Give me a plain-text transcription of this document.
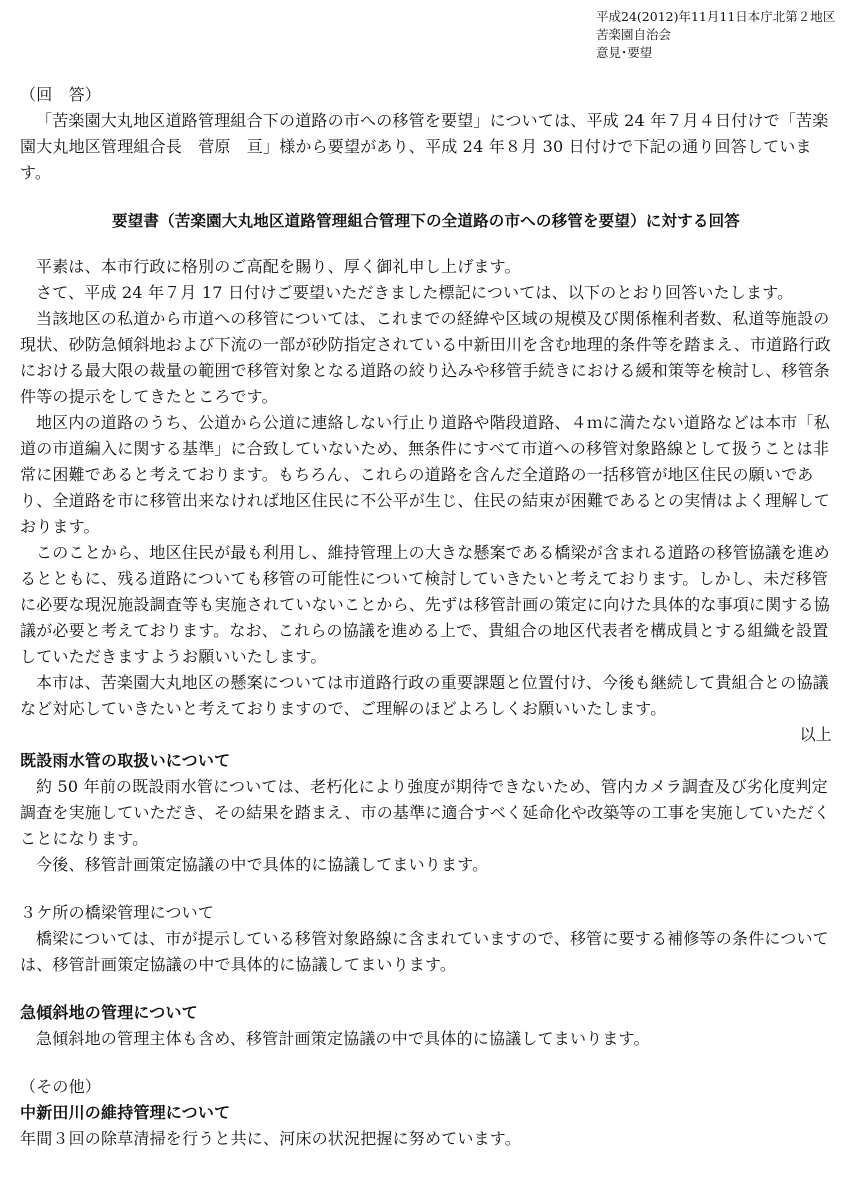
平成24(2012)年11月11日本庁北第２地区
苦楽園自治会
意見･要望

（回　答）

「苦楽園大丸地区道路管理組合下の道路の市への移管を要望」については、平成 24 年７月４日付けで「苦楽園大丸地区管理組合長　菅原　亘」様から要望があり、平成 24 年８月 30 日付けで下記の通り回答しています。

要望書（苦楽園大丸地区道路管理組合管理下の全道路の市への移管を要望）に対する回答

平素は、本市行政に格別のご高配を賜り、厚く御礼申し上げます。

さて、平成 24 年７月 17 日付けご要望いただきました標記については、以下のとおり回答いたします。

当該地区の私道から市道への移管については、これまでの経緯や区域の規模及び関係権利者数、私道等施設の現状、砂防急傾斜地および下流の一部が砂防指定されている中新田川を含む地理的条件等を踏まえ、市道路行政における最大限の裁量の範囲で移管対象となる道路の絞り込みや移管手続きにおける緩和策等を検討し、移管条件等の提示をしてきたところです。

地区内の道路のうち、公道から公道に連絡しない行止り道路や階段道路、４ｍに満たない道路などは本市「私道の市道編入に関する基準」に合致していないため、無条件にすべて市道への移管対象路線として扱うことは非常に困難であると考えております。もちろん、これらの道路を含んだ全道路の一括移管が地区住民の願いであり、全道路を市に移管出来なければ地区住民に不公平が生じ、住民の結束が困難であるとの実情はよく理解しております。

このことから、地区住民が最も利用し、維持管理上の大きな懸案である橋梁が含まれる道路の移管協議を進めるとともに、残る道路についても移管の可能性について検討していきたいと考えております。しかし、未だ移管に必要な現況施設調査等も実施されていないことから、先ずは移管計画の策定に向けた具体的な事項に関する協議が必要と考えております。なお、これらの協議を進める上で、貴組合の地区代表者を構成員とする組織を設置していただきますようお願いいたします。

本市は、苦楽園大丸地区の懸案については市道路行政の重要課題と位置付け、今後も継続して貴組合との協議など対応していきたいと考えておりますので、ご理解のほどよろしくお願いいたします。

以上

既設雨水管の取扱いについて

約 50 年前の既設雨水管については、老朽化により強度が期待できないため、管内カメラ調査及び劣化度判定調査を実施していただき、その結果を踏まえ、市の基準に適合すべく延命化や改築等の工事を実施していただくことになります。

今後、移管計画策定協議の中で具体的に協議してまいります。

３ケ所の橋梁管理について

橋梁については、市が提示している移管対象路線に含まれていますので、移管に要する補修等の条件については、移管計画策定協議の中で具体的に協議してまいります。

急傾斜地の管理について

急傾斜地の管理主体も含め、移管計画策定協議の中で具体的に協議してまいります。

（その他）

中新田川の維持管理について

年間３回の除草清掃を行うと共に、河床の状況把握に努めています。
